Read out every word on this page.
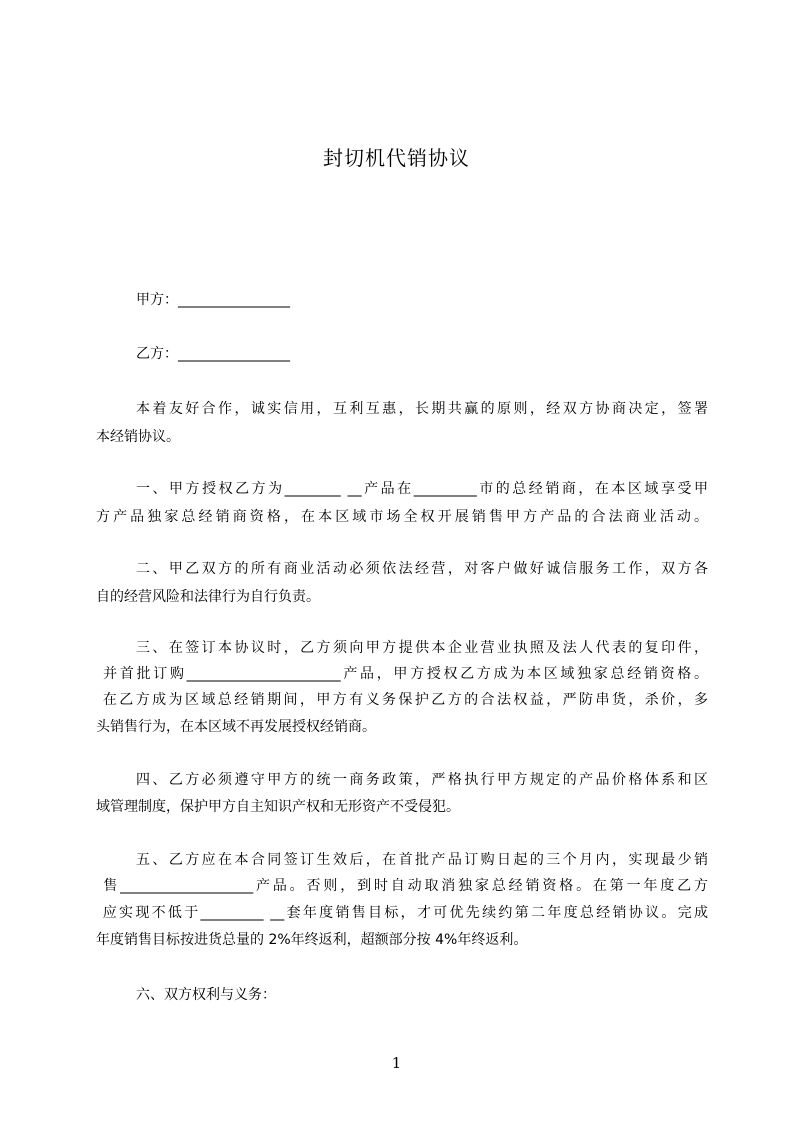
封切机代销协议

甲方：________________

乙方：________________

本着友好合作，诚实信用，互利互惠，长期共赢的原则，经双方协商决定，签署

本经销协议。

一、甲方授权乙方为________ __产品在_________市的总经销商，在本区域享受甲

方产品独家总经销商资格，在本区域市场全权开展销售甲方产品的合法商业活动。

二、甲乙双方的所有商业活动必须依法经营，对客户做好诚信服务工作，双方各

自的经营风险和法律行为自行负责。

三、在签订本协议时，乙方须向甲方提供本企业营业执照及法人代表的复印件，

并首批订购______________________产品，甲方授权乙方成为本区域独家总经销资格。

在乙方成为区域总经销期间，甲方有义务保护乙方的合法权益，严防串货，杀价，多

头销售行为，在本区域不再发展授权经销商。

四、乙方必须遵守甲方的统一商务政策，严格执行甲方规定的产品价格体系和区

域管理制度，保护甲方自主知识产权和无形资产不受侵犯。

五、乙方应在本合同签订生效后，在首批产品订购日起的三个月内，实现最少销

售___________________产品。否则，到时自动取消独家总经销资格。在第一年度乙方

应实现不低于_________ __套年度销售目标，才可优先续约第二年度总经销协议。完成

年度销售目标按进货总量的 2%年终返利，超额部分按 4%年终返利。

六、双方权利与义务：

1
